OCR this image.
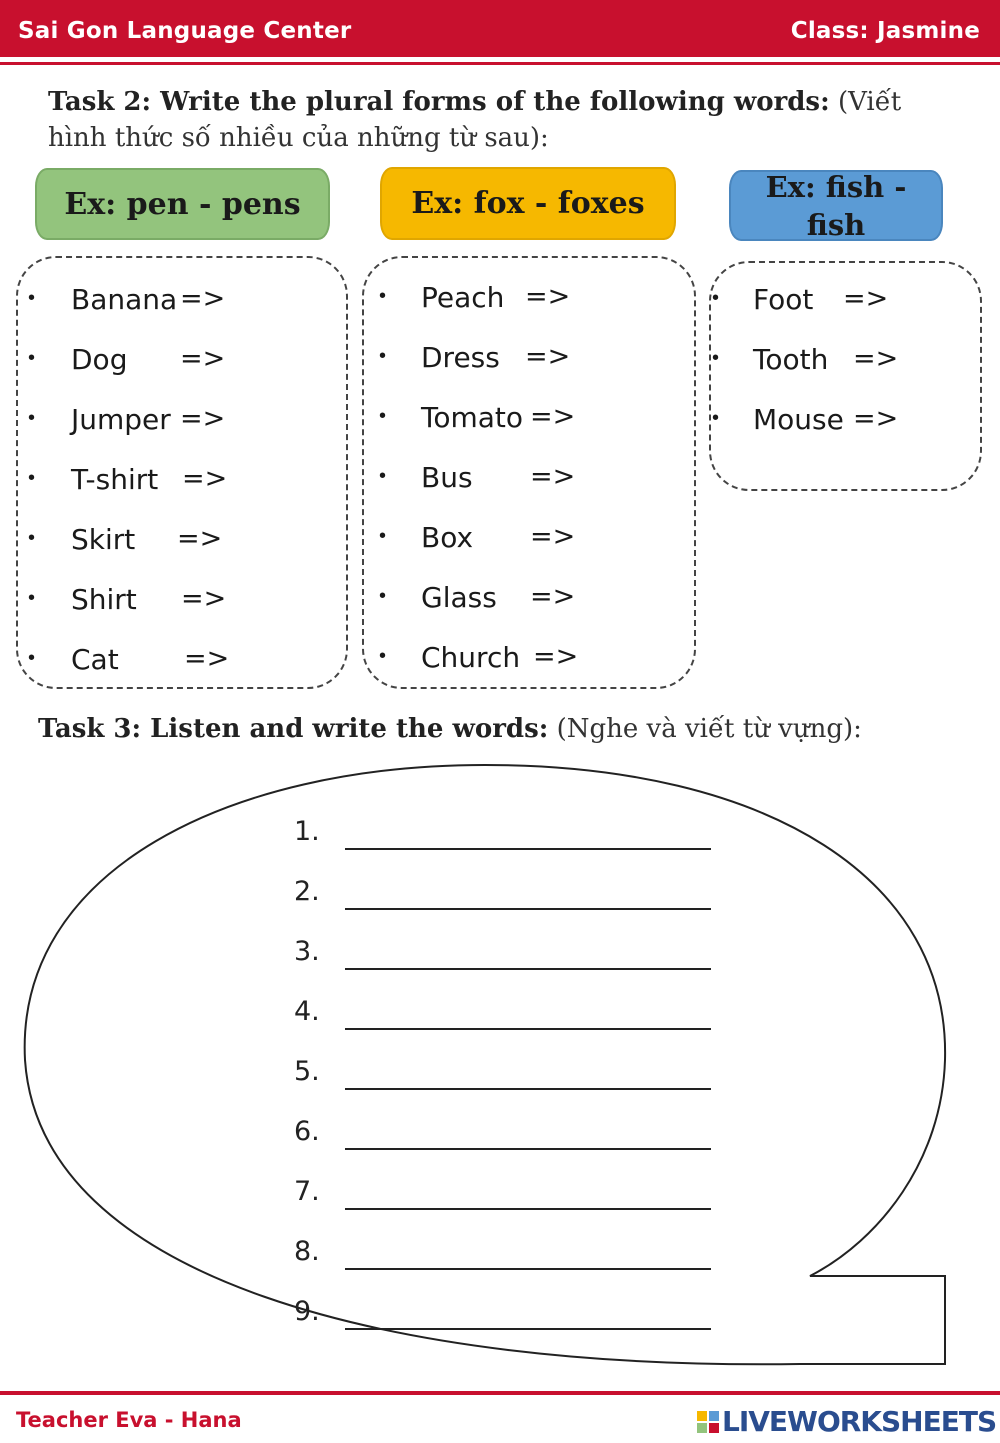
Sai Gon Language Center	Class: Jasmine
Task 2: Write the plural forms of the following words: (Viết
hình thức số nhiều của những từ sau):
Ex: pen - pens	Ex: fox - foxes	Ex: fish -
fish
• Banana =>
• Dog =>
• Jumper =>
• T-shirt =>
• Skirt =>
• Shirt =>
• Cat =>
• Peach =>
• Dress =>
• Tomato =>
• Bus =>
• Box =>
• Glass =>
• Church =>
• Foot =>
• Tooth =>
• Mouse =>
Task 3: Listen and write the words: (Nghe và viết từ vựng):
1.
2.
3.
4.
5.
6.
7.
8.
9.
Teacher Eva - Hana	LIVEWORKSHEETS
